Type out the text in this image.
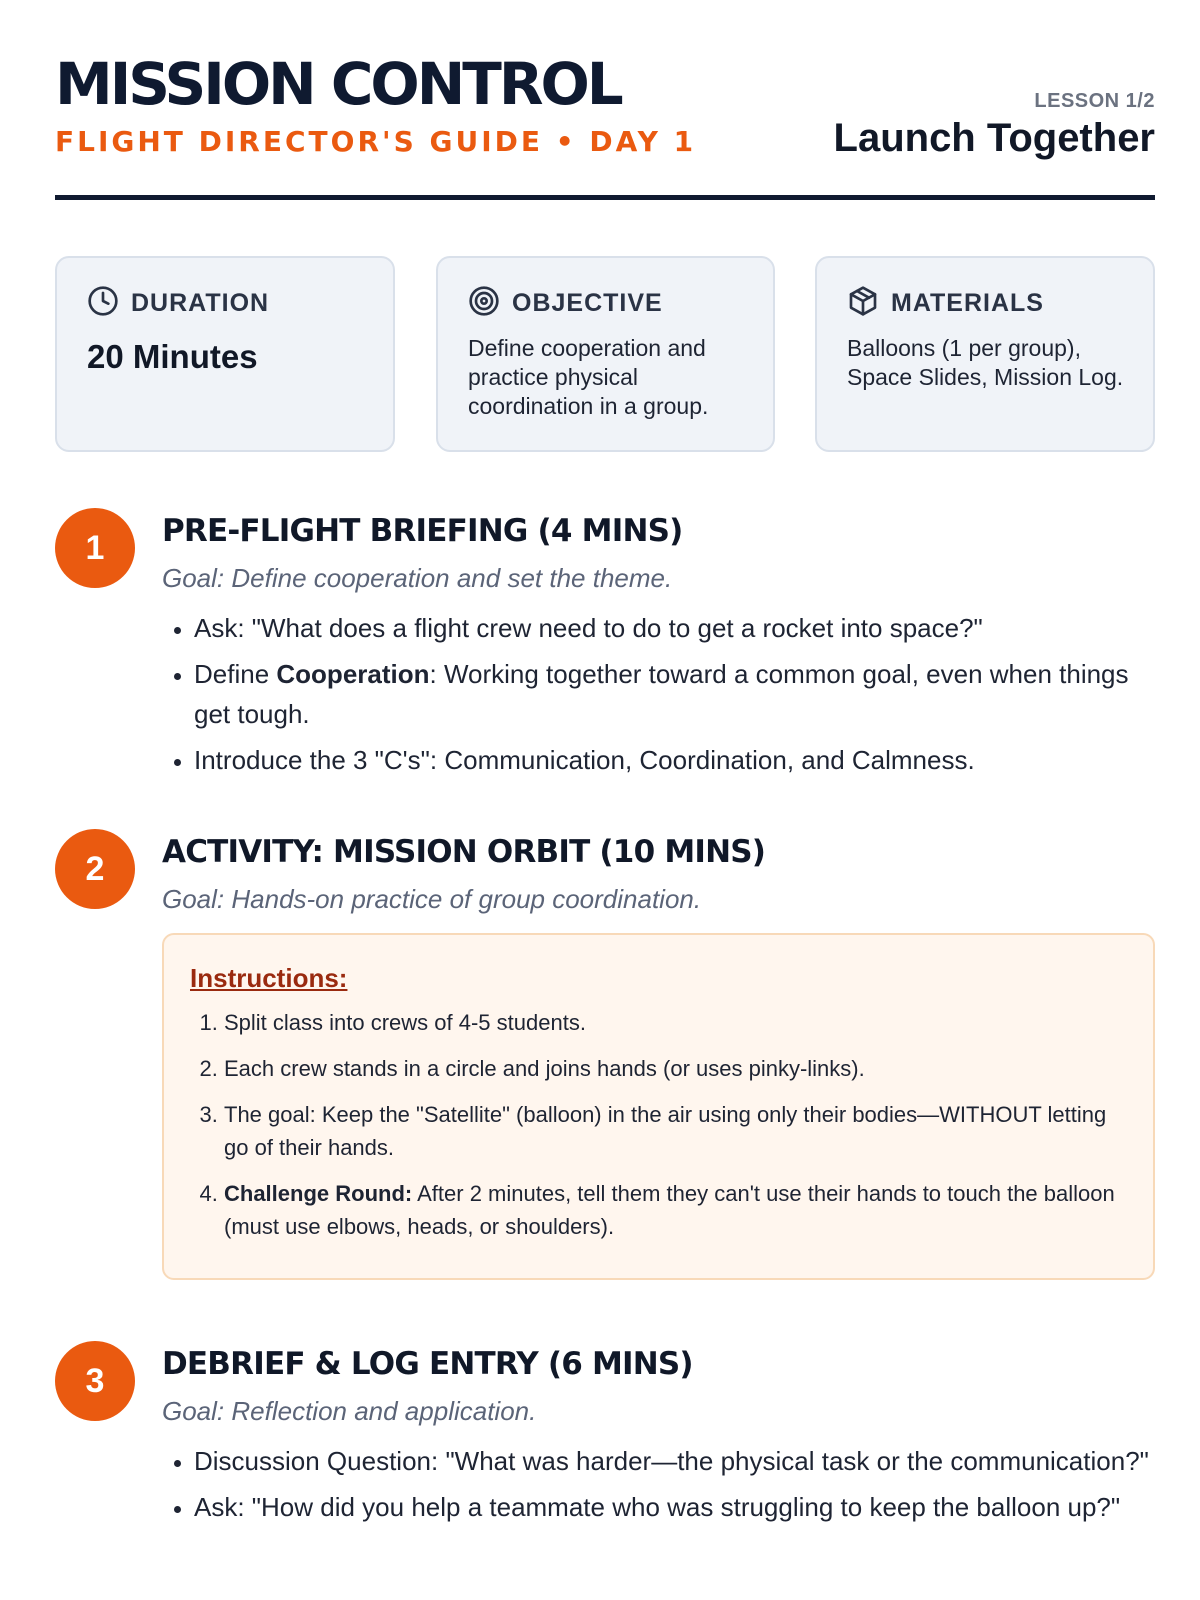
MISSION CONTROL
FLIGHT DIRECTOR'S GUIDE • DAY 1
LESSON 1/2
Launch Together
DURATION
20 Minutes
OBJECTIVE
Define cooperation and practice physical coordination in a group.
MATERIALS
Balloons (1 per group), Space Slides, Mission Log.
1	PRE-FLIGHT BRIEFING (4 MINS)
Goal: Define cooperation and set the theme.
• Ask: "What does a flight crew need to do to get a rocket into space?"
• Define Cooperation: Working together toward a common goal, even when things get tough.
• Introduce the 3 "C's": Communication, Coordination, and Calmness.
2	ACTIVITY: MISSION ORBIT (10 MINS)
Goal: Hands-on practice of group coordination.
Instructions:
1. Split class into crews of 4-5 students.
2. Each crew stands in a circle and joins hands (or uses pinky-links).
3. The goal: Keep the "Satellite" (balloon) in the air using only their bodies—WITHOUT letting go of their hands.
4. Challenge Round: After 2 minutes, tell them they can't use their hands to touch the balloon (must use elbows, heads, or shoulders).
3	DEBRIEF & LOG ENTRY (6 MINS)
Goal: Reflection and application.
• Discussion Question: "What was harder—the physical task or the communication?"
• Ask: "How did you help a teammate who was struggling to keep the balloon up?"
